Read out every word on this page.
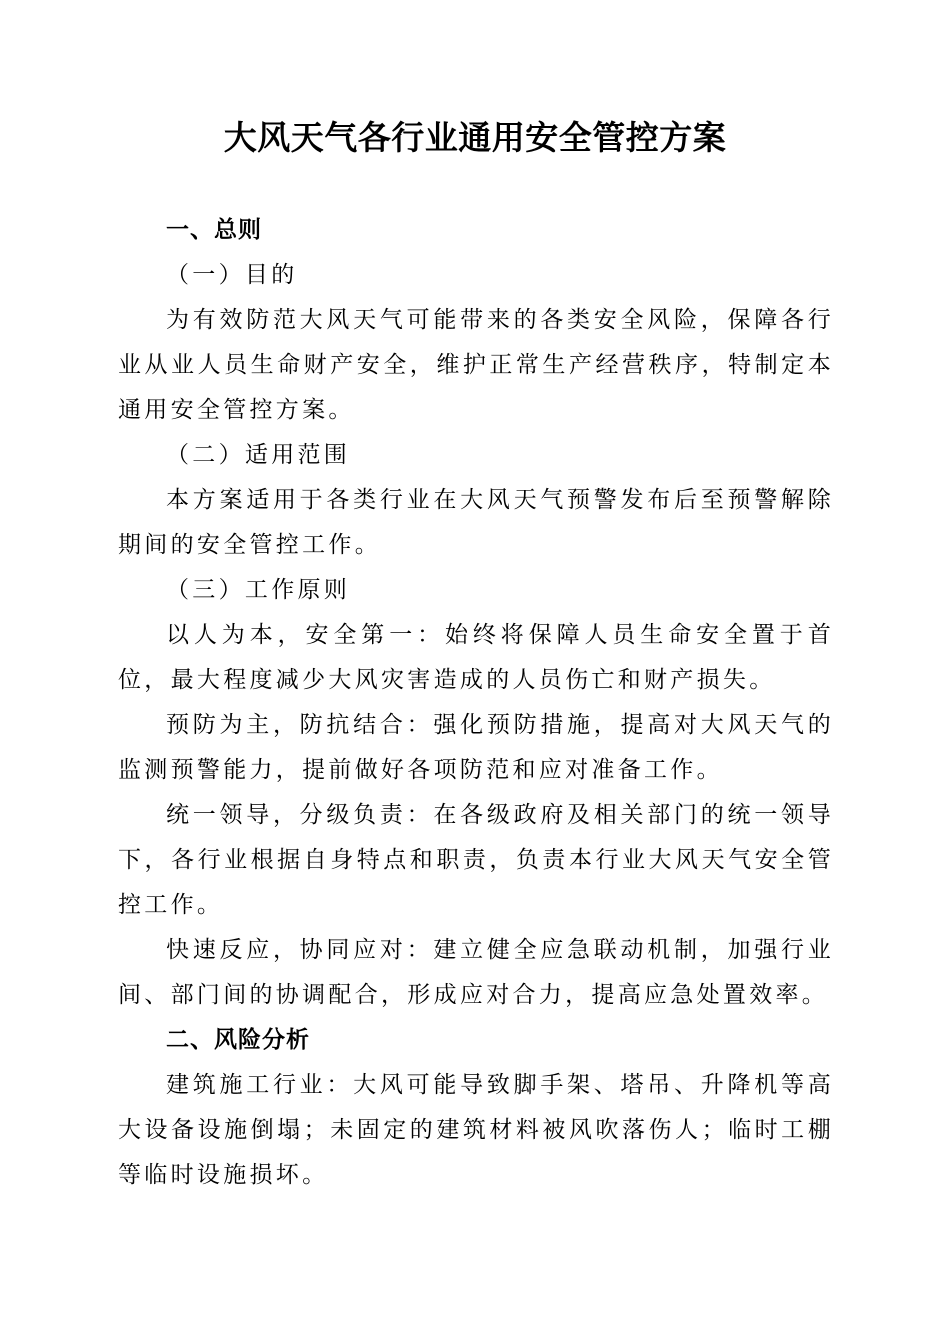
大风天气各行业通用安全管控方案

一、总则

（一）目的

为有效防范大风天气可能带来的各类安全风险，保障各行业从业人员生命财产安全，维护正常生产经营秩序，特制定本通用安全管控方案。

（二）适用范围

本方案适用于各类行业在大风天气预警发布后至预警解除期间的安全管控工作。

（三）工作原则

以人为本，安全第一：始终将保障人员生命安全置于首位，最大程度减少大风灾害造成的人员伤亡和财产损失。

预防为主，防抗结合：强化预防措施，提高对大风天气的监测预警能力，提前做好各项防范和应对准备工作。

统一领导，分级负责：在各级政府及相关部门的统一领导下，各行业根据自身特点和职责，负责本行业大风天气安全管控工作。

快速反应，协同应对：建立健全应急联动机制，加强行业间、部门间的协调配合，形成应对合力，提高应急处置效率。

二、风险分析

建筑施工行业：大风可能导致脚手架、塔吊、升降机等高大设备设施倒塌；未固定的建筑材料被风吹落伤人；临时工棚等临时设施损坏。
